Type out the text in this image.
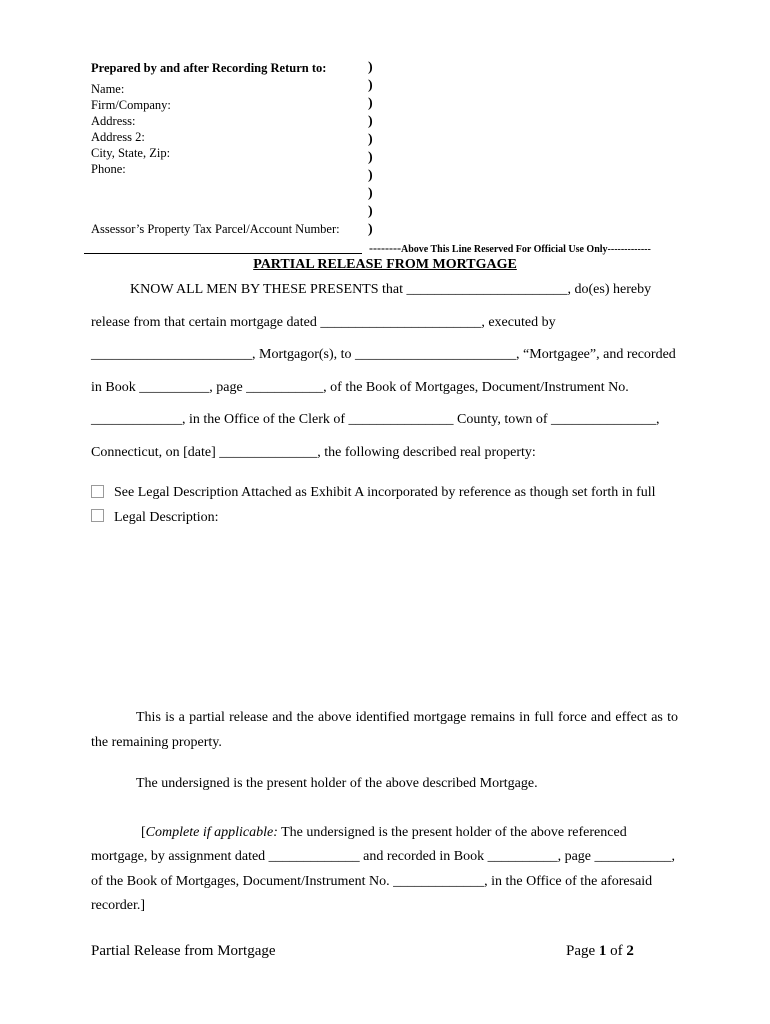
Prepared by and after Recording Return to:
Name:
Firm/Company:
Address:
Address 2:
City, State, Zip:
Phone:
Assessor’s Property Tax Parcel/Account Number:
)
)
)
)
)
)
)
)
)
)
--------Above This Line Reserved For Official Use Only-------------
PARTIAL RELEASE FROM MORTGAGE
KNOW ALL MEN BY THESE PRESENTS that _______________________, do(es) hereby
release from that certain mortgage dated _______________________, executed by
_______________________, Mortgagor(s), to _______________________, “Mortgagee”, and recorded
in Book __________, page ___________, of the Book of Mortgages, Document/Instrument No.
_____________, in the Office of the Clerk of _______________ County, town of _______________,
Connecticut, on [date] ______________, the following described real property:
See Legal Description Attached as Exhibit A incorporated by reference as though set forth in full
Legal Description:
This is a partial release and the above identified mortgage remains in full force and effect as to
the remaining property.
The undersigned is the present holder of the above described Mortgage.
[Complete if applicable: The undersigned is the present holder of the above referenced
mortgage, by assignment dated _____________ and recorded in Book __________, page ___________,
of the Book of Mortgages, Document/Instrument No. _____________, in the Office of the aforesaid
recorder.]
Partial Release from Mortgage	Page 1 of 2
